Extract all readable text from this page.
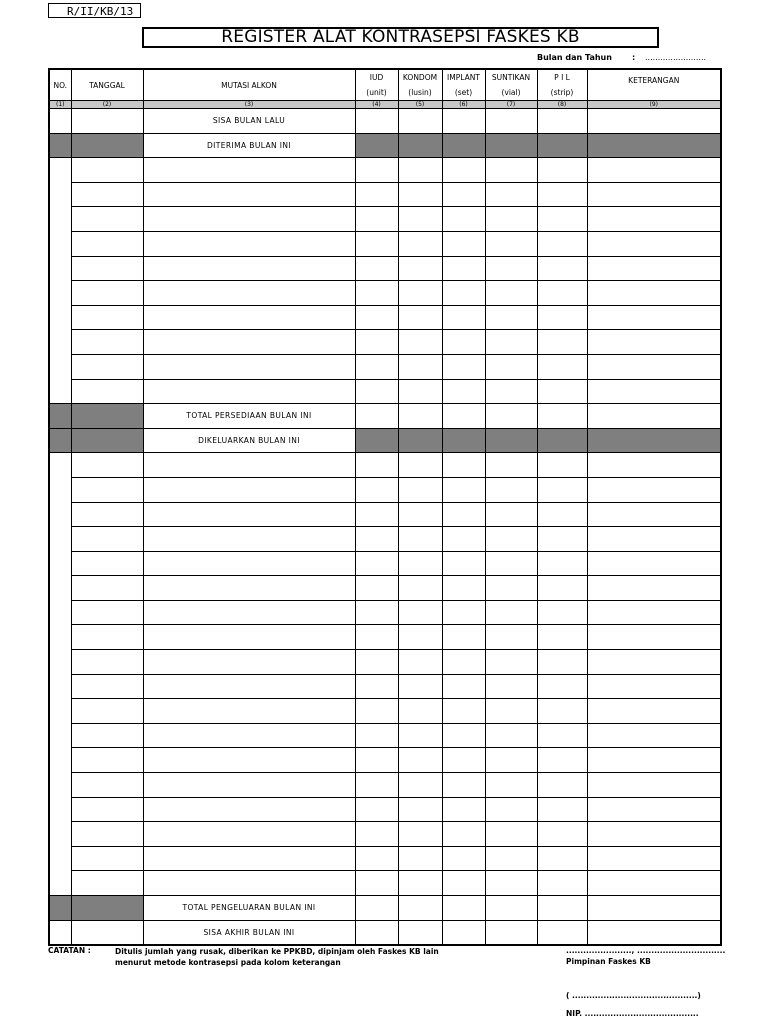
R/II/KB/13
REGISTER ALAT KONTRASEPSI FASKES KB
Bulan dan Tahun	: ........................
NO.	TANGGAL	MUTASI ALKON	IUD	KONDOM	IMPLANT	SUNTIKAN	P I L	KETERANGAN
			(unit)	(lusin)	(set)	(vial)	(strip)	
(1)	(2)	(3)	(4)	(5)	(6)	(7)	(8)	(9)
		SISA BULAN LALU						
		DITERIMA BULAN INI						

		TOTAL PERSEDIAAN BULAN INI						
		DIKELUARKAN BULAN INI						

		TOTAL PENGELUARAN BULAN INI						
		SISA AKHIR BULAN INI						
CATATAN :	Ditulis jumlah yang rusak, diberikan ke PPKBD, dipinjam oleh Faskes KB lain menurut metode kontrasepsi pada kolom keterangan
......................., ...............................
Pimpinan Faskes KB
( ............................................)
NIP. ........................................
